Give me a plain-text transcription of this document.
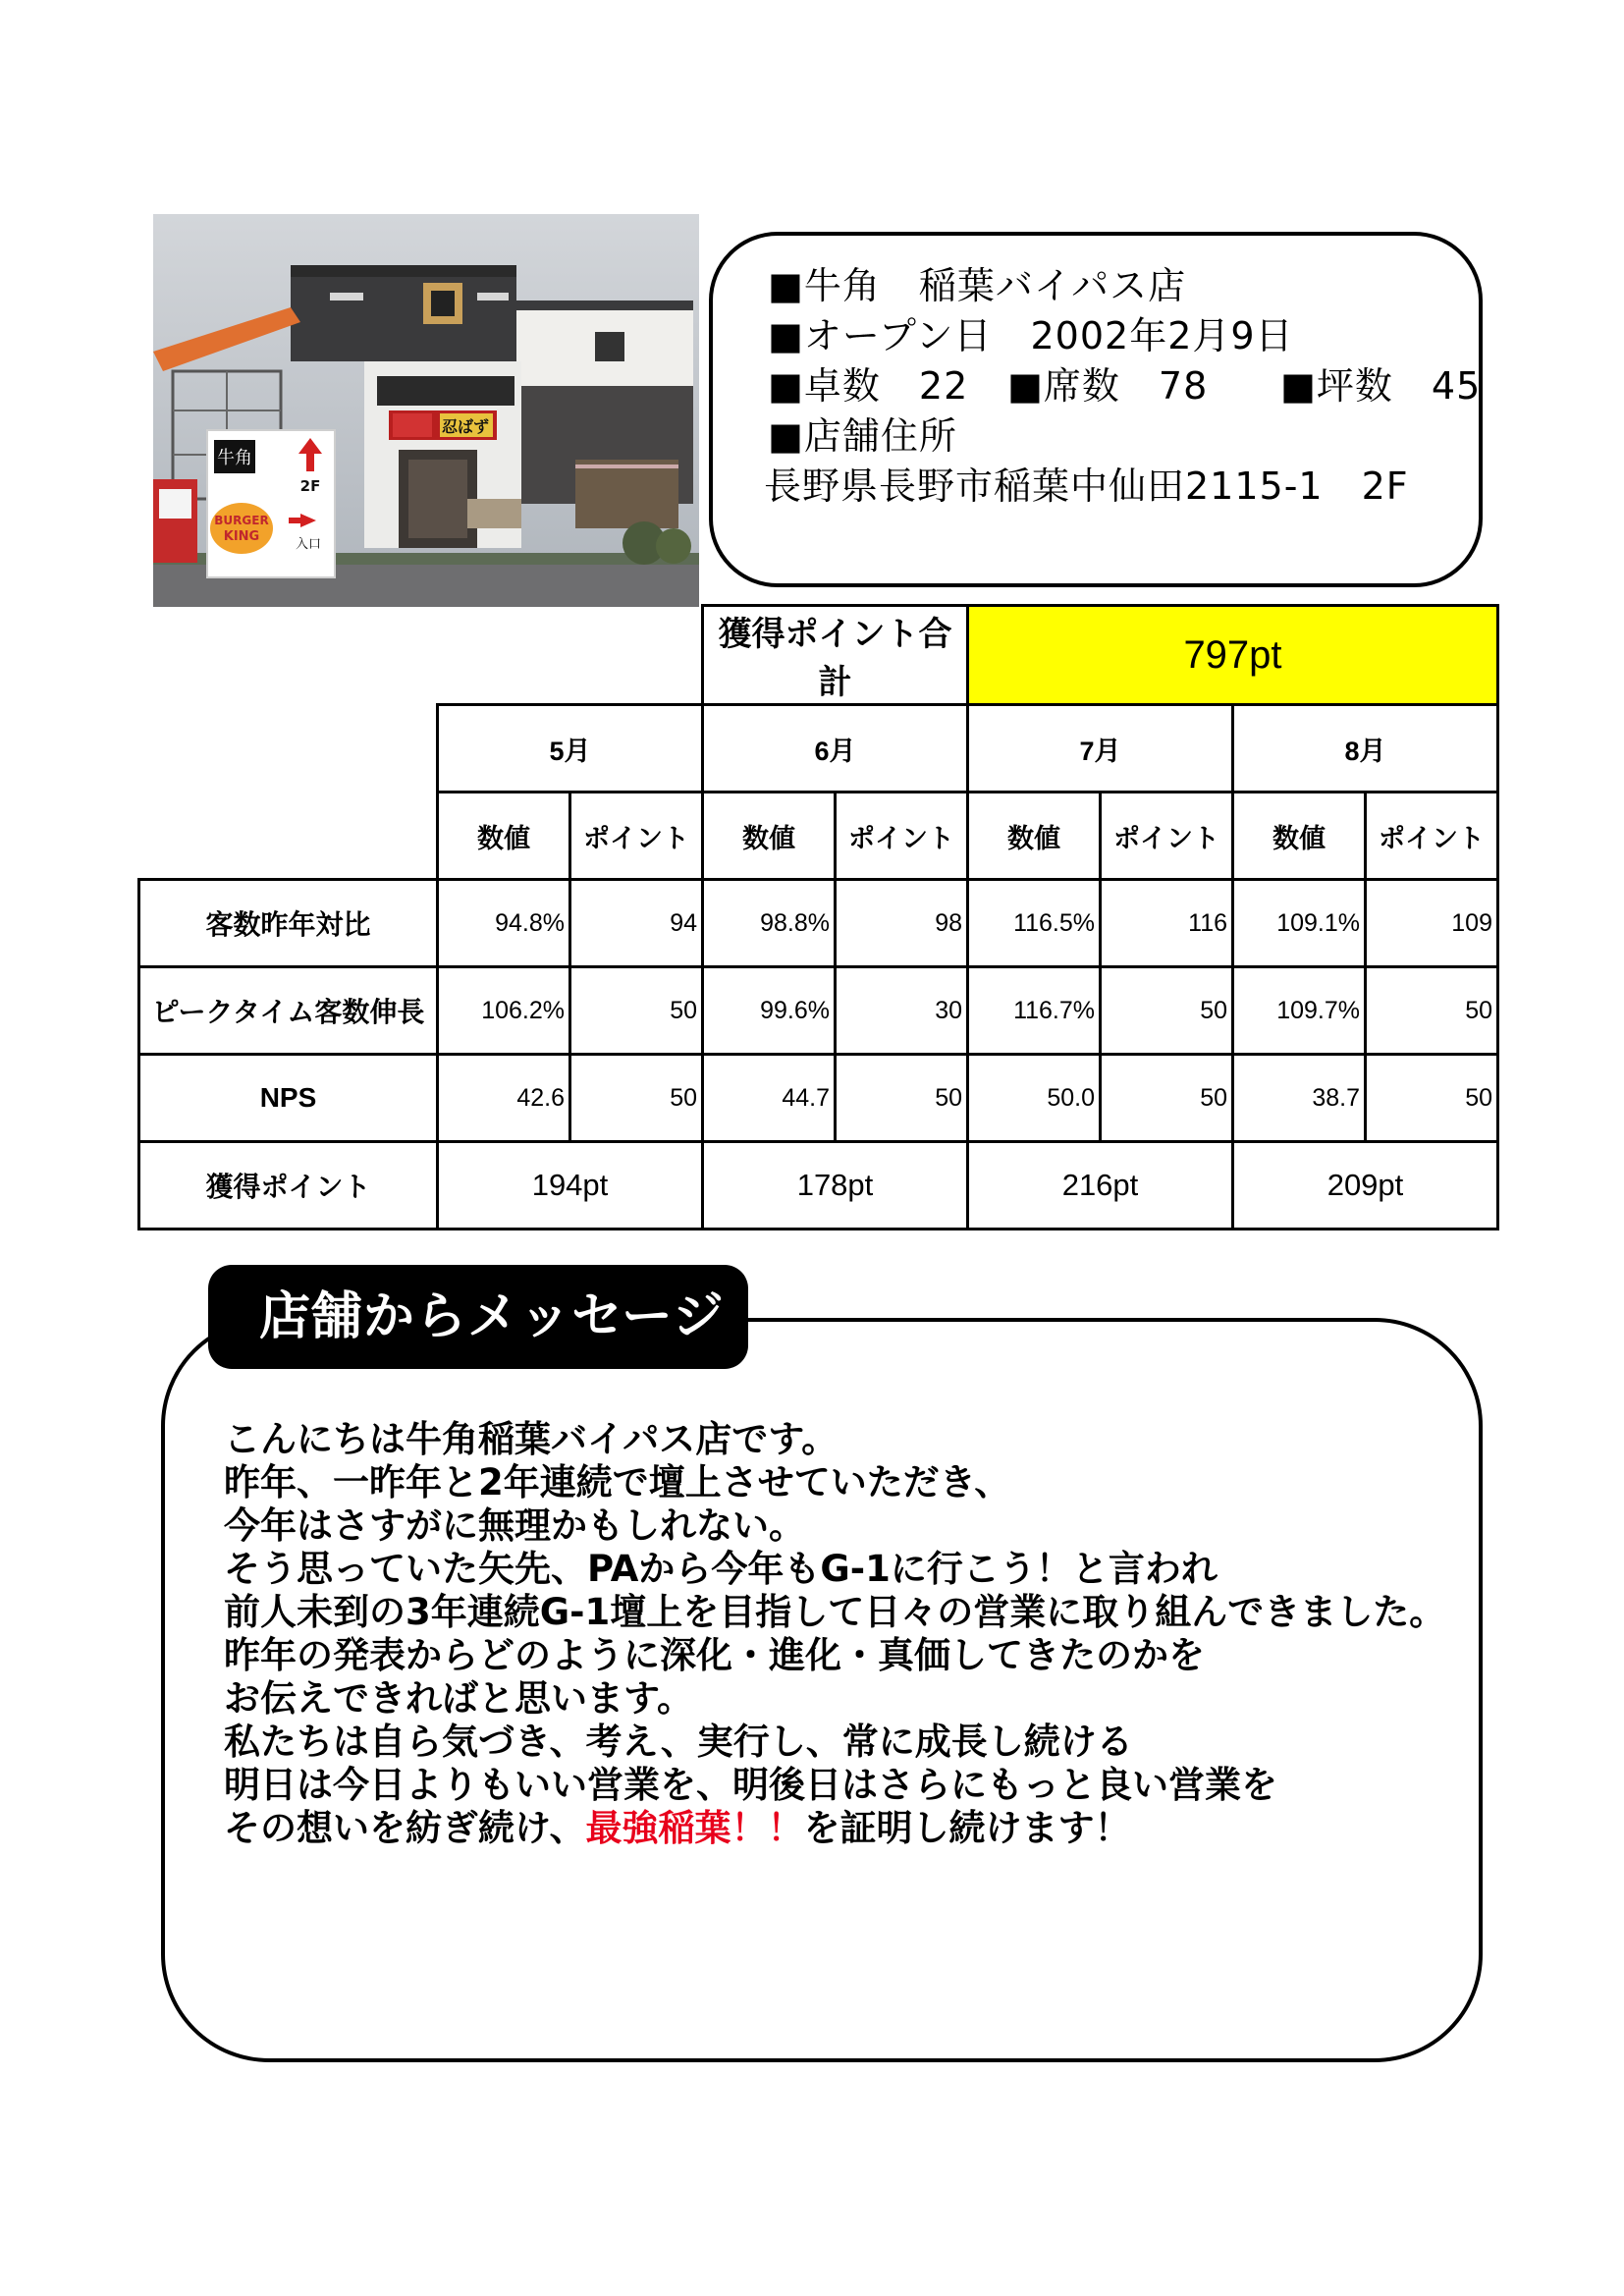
牛角
2F
BURGER
KING
入口
忍ばず
■牛角　稲葉バイパス店
■オープン日　2002年2月9日
■卓数　22 ■席数　78 ■坪数　45
■店舗住所
長野県長野市稲葉中仙田2115-1　2F
			獲得ポイント合計		797pt			
	5月		6月		7月		8月	
	数値	ポイント	数値	ポイント	数値	ポイント	数値	ポイント
客数昨年対比	94.8%	94	98.8%	98	116.5%	116	109.1%	109
ピークタイム客数伸長	106.2%	50	99.6%	30	116.7%	50	109.7%	50
NPS	42.6	50	44.7	50	50.0	50	38.7	50
獲得ポイント	194pt		178pt		216pt		209pt	
店舗からメッセージ
こんにちは牛角稲葉バイパス店です。
昨年、一昨年と2年連続で壇上させていただき、
今年はさすがに無理かもしれない。
そう思っていた矢先、PAから今年もG-1に行こう！と言われ
前人未到の3年連続G-1壇上を目指して日々の営業に取り組んできました。
昨年の発表からどのように深化・進化・真価してきたのかを
お伝えできればと思います。
私たちは自ら気づき、考え、実行し、常に成長し続ける
明日は今日よりもいい営業を、明後日はさらにもっと良い営業を
その想いを紡ぎ続け、最強稲葉！！を証明し続けます！
